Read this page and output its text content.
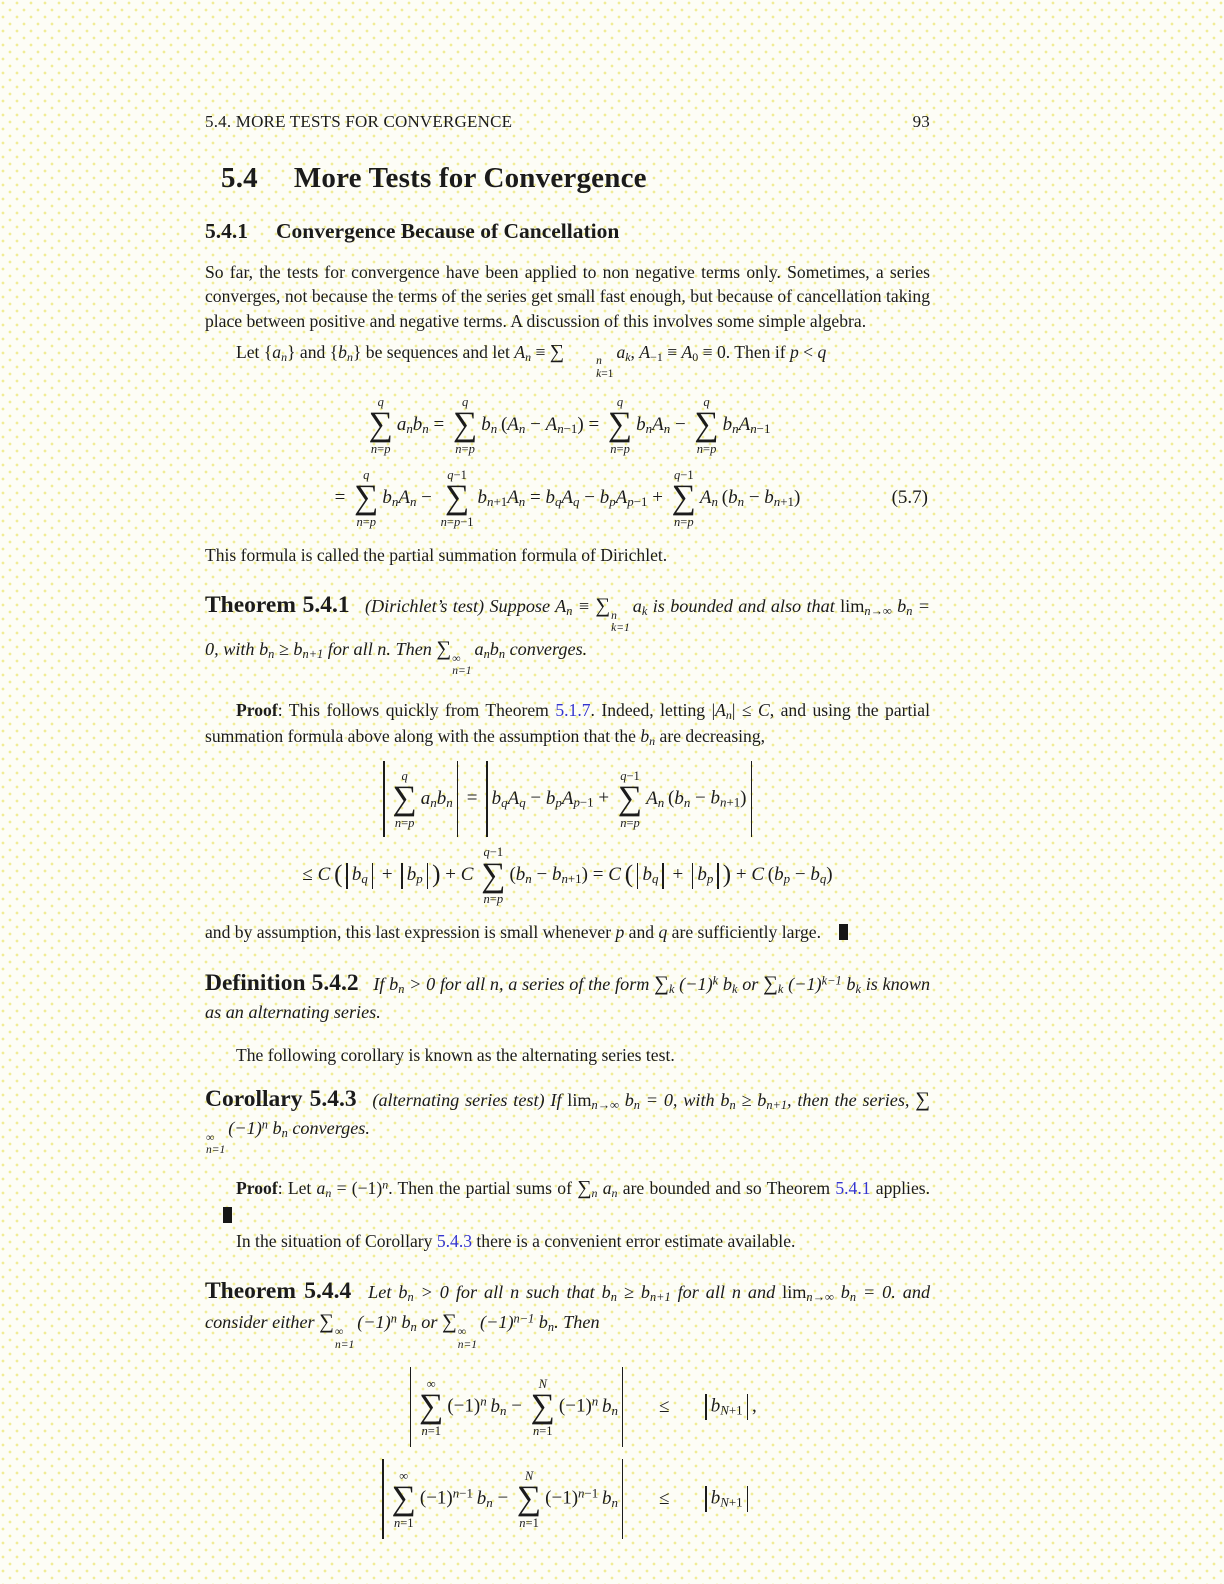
5.4. MORE TESTS FOR CONVERGENCE	93
5.4 More Tests for Convergence
5.4.1 Convergence Because of Cancellation

So far, the tests for convergence have been applied to non negative terms only. Sometimes, a series converges, not because the terms of the series get small fast enough, but because of cancellation taking place between positive and negative terms. A discussion of this involves some simple algebra.

Let $\{a_n\}$ and $\{b_n\}$ be sequences and let $A_n$ ≡ ∑	n
k=1
$a_k$, $A_{-1} \equiv A_0 \equiv 0$. Then if p < q

q
∑
n=p
$a_nb_n$ =
q
∑
n=p
$b_n$ $(A_n - A_{n-1})$ =
q
∑
n=p
$b_nA_n$ −
q
∑
n=p
$b_nA_{n-1}$
=
q
∑
n=p
$b_nA_n$ −
q−1
∑
n=p−1
$b_{n+1}A_n = b_qA_q - b_pA_{p-1}$ +
q−1
∑
n=p
$A_n$ $(b_n - b_{n+1})$	(5.7)

This formula is called the partial summation formula of Dirichlet.

Theorem 5.4.1 (Dirichlet’s test) Suppose $A_n$ ≡ ∑ n
k=1
$a_k$ is bounded and also that $\lim_{n\to\infty} b_n = 0$, with $b_n \ge b_{n+1}$ for all n. Then ∑ ∞
n=1
$a_nb_n$ converges.

Proof: This follows quickly from Theorem 5.1.7. Indeed, letting $|A_n| \le C$, and using the partial summation formula above along with the assumption that the $b_n$ are decreasing,

q
∑
n=p
$a_nb_n = b_qA_q - b_pA_{p-1}$ +
q−1
∑
n=p
$A_n$ $(b_n - b_{n+1})$
≤ C  ( $b_q + b_p$ ) + C 
q−1
∑
n=p
$(b_n - b_{n+1}) = C$  ( $b_q + b_p$ ) + C $(b_p - b_q)$

and by assumption, this last expression is small whenever p and q are sufficiently large.

Definition 5.4.2 If $b_n > 0$ for all n, a series of the form $\sum_k$ $(-1)^k$ $b_k$ or $\sum_k$ $(-1)^{k-1}$ $b_k$ is known as an alternating series.

The following corollary is known as the alternating series test.

Corollary 5.4.3 (alternating series test) If $\lim_{n\to\infty} b_n = 0$, with $b_n \ge b_{n+1}$, then the series, ∑
∞
n=1
$(-1)^n$ $b_n$ converges.

Proof: Let $a_n = (-1)^n$. Then the partial sums of $\sum_n$ $a_n$ are bounded and so Theorem 5.4.1 applies.

In the situation of Corollary 5.4.3 there is a convenient error estimate available.

Theorem 5.4.4 Let $b_n > 0$ for all n such that $b_n \ge b_{n+1}$ for all n and $\lim_{n\to\infty} b_n = 0$. and consider either ∑ ∞
n=1
$(-1)^n$ $b_n$ or ∑ ∞
n=1
$(-1)^{n-1}$ $b_n$. Then

∞
∑
n=1
$(-1)^n$  $b_n$ −
N
∑
n=1
$(-1)^n$  $b_n$	≤	$b_{N+1}$ ,
∞
∑
n=1
$(-1)^{n-1}$  $b_n$ −
N
∑
n=1
$(-1)^{n-1}$  $b_n$	≤	$b_{N+1}$
